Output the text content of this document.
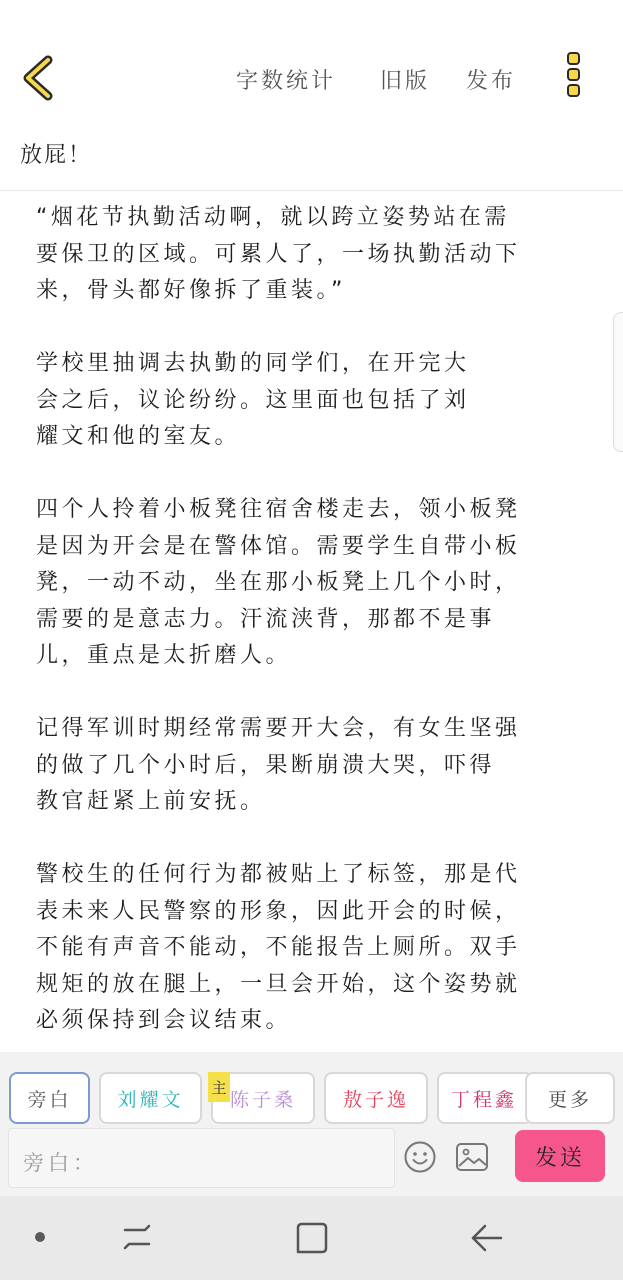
字数统计 旧版 发布
放屁！

“烟花节执勤活动啊，就以跨立姿势站在需
要保卫的区域。可累人了，一场执勤活动下
来，骨头都好像拆了重装。”

学校里抽调去执勤的同学们，在开完大
会之后，议论纷纷。这里面也包括了刘
耀文和他的室友。

四个人拎着小板凳往宿舍楼走去，领小板凳
是因为开会是在警体馆。需要学生自带小板
凳，一动不动，坐在那小板凳上几个小时，
需要的是意志力。汗流浃背，那都不是事
儿，重点是太折磨人。

记得军训时期经常需要开大会，有女生坚强
的做了几个小时后，果断崩溃大哭，吓得
教官赶紧上前安抚。

警校生的任何行为都被贴上了标签，那是代
表未来人民警察的形象，因此开会的时候，
不能有声音不能动，不能报告上厕所。双手
规矩的放在腿上，一旦会开始，这个姿势就
必须保持到会议结束。

旁白 刘耀文 陈子桑 敖子逸 丁程鑫 更多
主
旁白：	发送
